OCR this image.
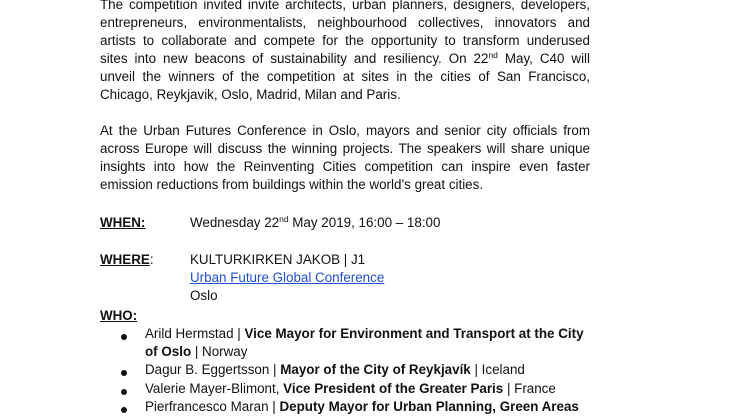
The competition invited invite architects, urban planners, designers, developers,
entrepreneurs, environmentalists, neighbourhood collectives, innovators and
artists to collaborate and compete for the opportunity to transform underused
sites into new beacons of sustainability and resiliency. On 22nd May, C40 will
unveil the winners of the competition at sites in the cities of San Francisco,
Chicago, Reykjavik, Oslo, Madrid, Milan and Paris.
At the Urban Futures Conference in Oslo, mayors and senior city officials from
across Europe will discuss the winning projects. The speakers will share unique
insights into how the Reinventing Cities competition can inspire even faster
emission reductions from buildings within the world’s great cities.
WHEN:	Wednesday 22nd May 2019, 16:00 – 18:00
WHERE:	KULTURKIRKEN JAKOB | J1
Urban Future Global Conference
Oslo
WHO:
Arild Hermstad | Vice Mayor for Environment and Transport at the City
of Oslo | Norway
Dagur B. Eggertsson | Mayor of the City of Reykjavík | Iceland
Valerie Mayer-Blimont, Vice President of the Greater Paris | France
Pierfrancesco Maran | Deputy Mayor for Urban Planning, Green Areas
